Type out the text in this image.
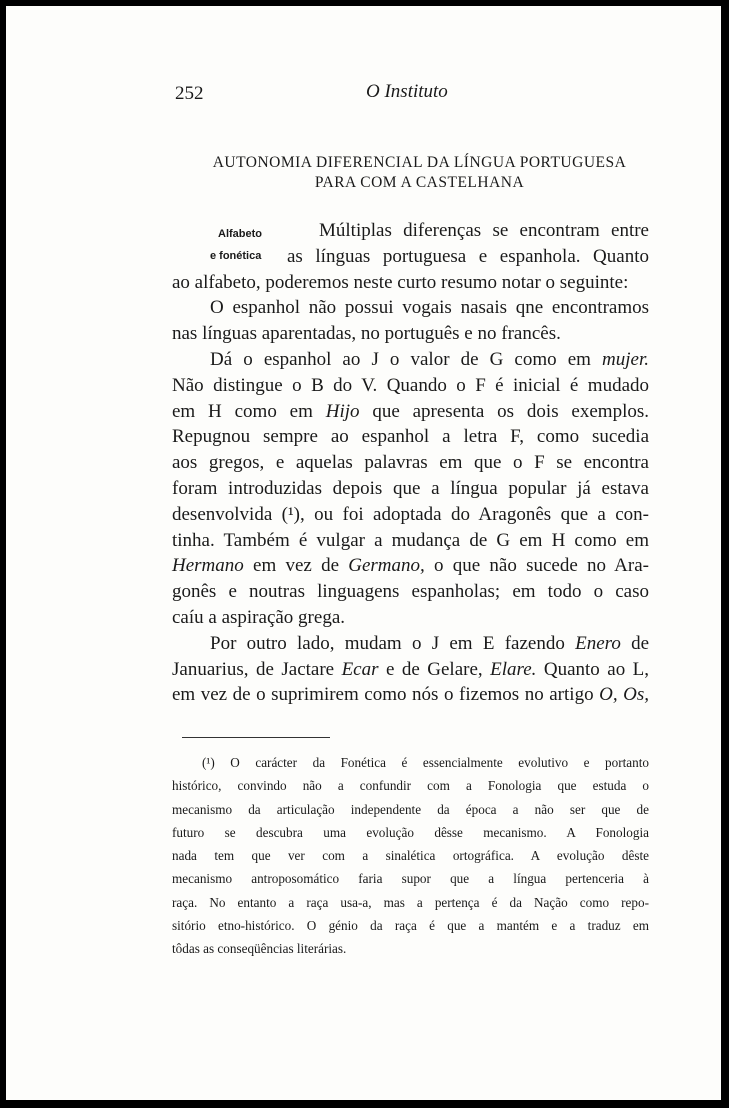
252	O Instituto
AUTONOMIA DIFERENCIAL DA LÍNGUA PORTUGUESA
PARA COM A CASTELHANA
Alfabeto
e fonética
Múltiplas diferenças se encontram entre
as línguas portuguesa e espanhola. Quanto
ao alfabeto, poderemos neste curto resumo notar o seguinte:
O espanhol não possui vogais nasais qne encontramos
nas línguas aparentadas, no português e no francês.
Dá o espanhol ao J o valor de G como em mujer.
Não distingue o B do V. Quando o F é inicial é mudado
em H como em Hijo que apresenta os dois exemplos.
Repugnou sempre ao espanhol a letra F, como sucedia
aos gregos, e aquelas palavras em que o F se encontra
foram introduzidas depois que a língua popular já estava
desenvolvida (¹), ou foi adoptada do Aragonês que a con-
tinha. Também é vulgar a mudança de G em H como em
Hermano em vez de Germano, o que não sucede no Ara-
gonês e noutras linguagens espanholas; em todo o caso
caíu a aspiração grega.
Por outro lado, mudam o J em E fazendo Enero de
Januarius, de Jactare Ecar e de Gelare, Elare. Quanto ao L,
em vez de o suprimirem como nós o fizemos no artigo O, Os,
(¹) O carácter da Fonética é essencialmente evolutivo e portanto
histórico, convindo não a confundir com a Fonologia que estuda o
mecanismo da articulação independente da época a não ser que de
futuro se descubra uma evolução dêsse mecanismo. A Fonologia
nada tem que ver com a sinalética ortográfica. A evolução dêste
mecanismo antroposomático faria supor que a língua pertenceria à
raça. No entanto a raça usa-a, mas a pertença é da Nação como repo-
sitório etno-histórico. O génio da raça é que a mantém e a traduz em
tôdas as conseqüências literárias.
